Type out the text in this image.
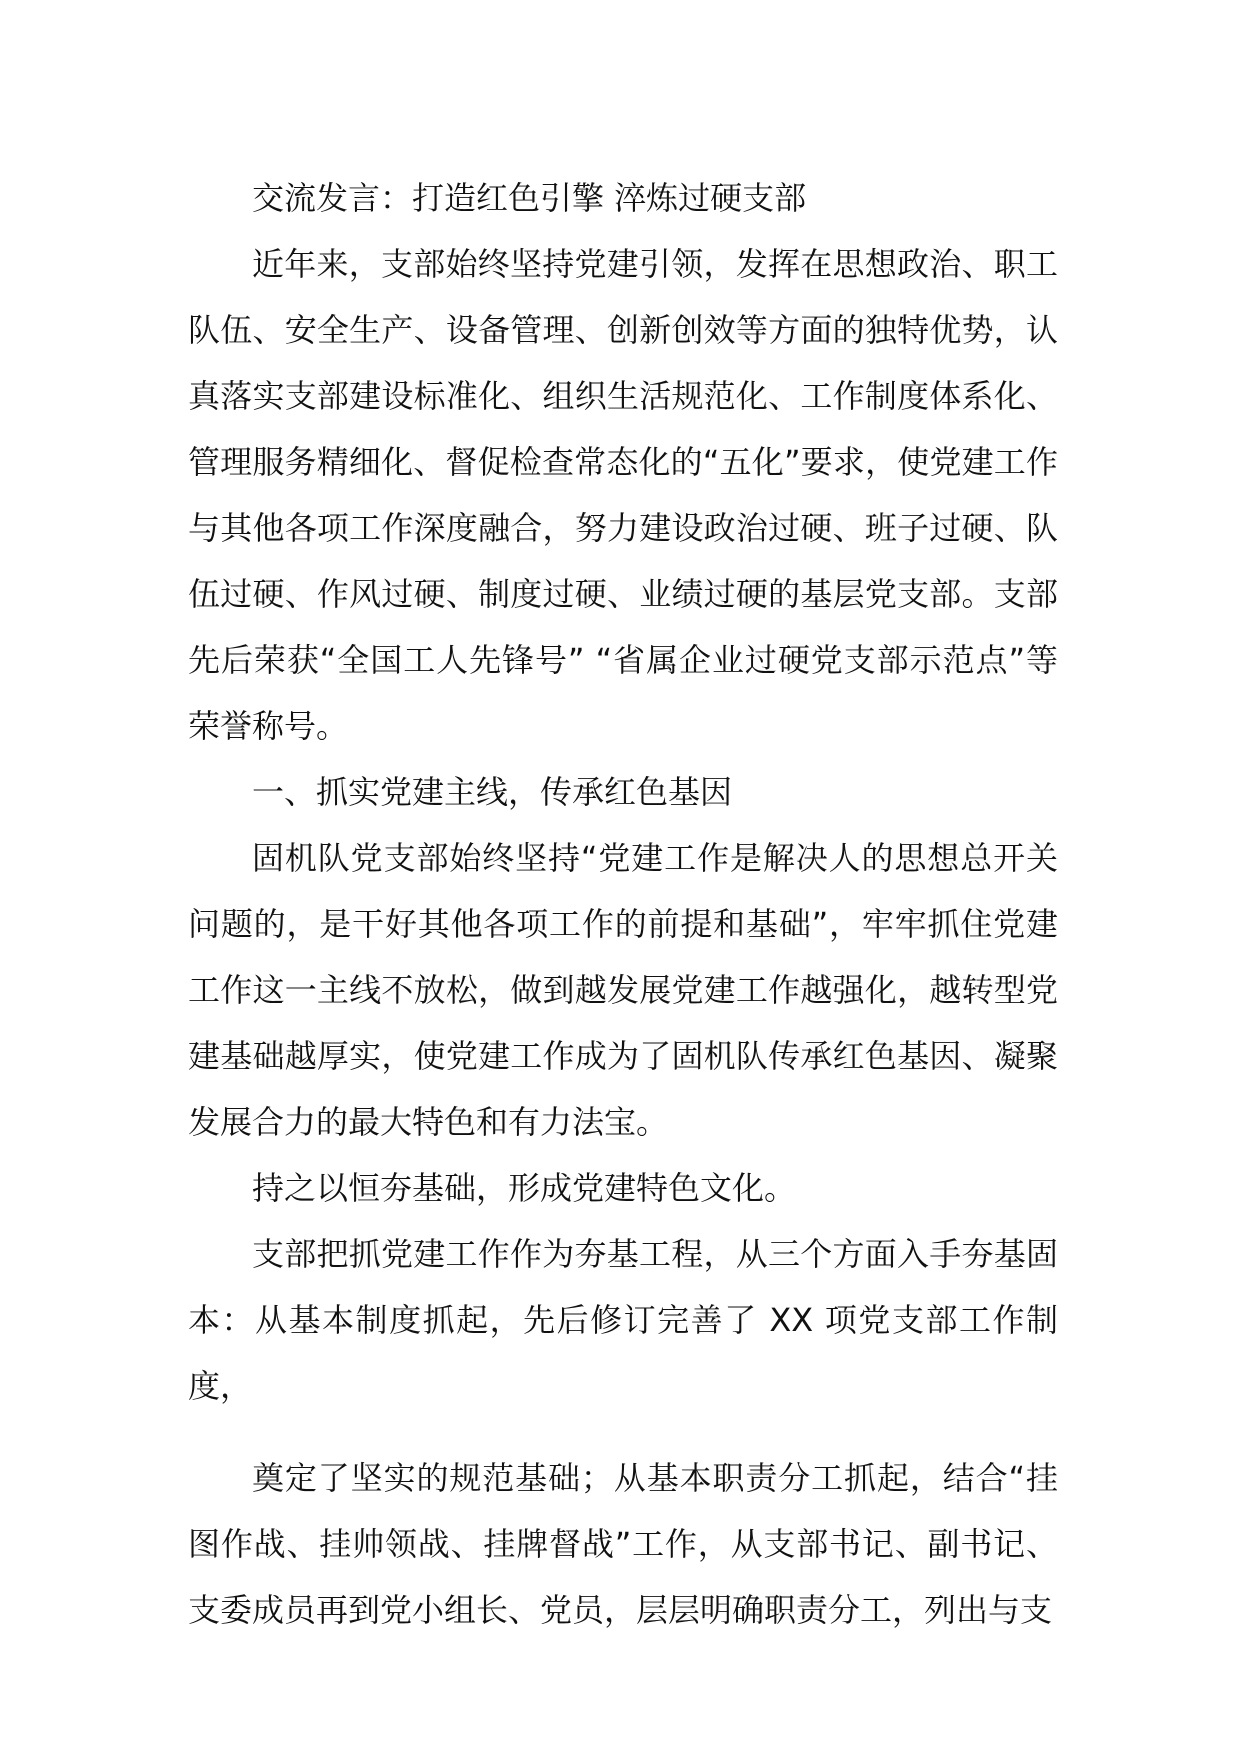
交流发言：打造红色引擎 淬炼过硬支部

近年来，支部始终坚持党建引领，发挥在思想政治、职工队伍、安全生产、设备管理、创新创效等方面的独特优势，认真落实支部建设标准化、组织生活规范化、工作制度体系化、管理服务精细化、督促检查常态化的“五化”要求，使党建工作与其他各项工作深度融合，努力建设政治过硬、班子过硬、队伍过硬、作风过硬、制度过硬、业绩过硬的基层党支部。支部先后荣获“全国工人先锋号” “省属企业过硬党支部示范点”等荣誉称号。

一、抓实党建主线，传承红色基因

固机队党支部始终坚持“党建工作是解决人的思想总开关问题的，是干好其他各项工作的前提和基础”，牢牢抓住党建工作这一主线不放松，做到越发展党建工作越强化，越转型党建基础越厚实，使党建工作成为了固机队传承红色基因、凝聚发展合力的最大特色和有力法宝。

持之以恒夯基础，形成党建特色文化。

支部把抓党建工作作为夯基工程，从三个方面入手夯基固本：从基本制度抓起，先后修订完善了 XX 项党支部工作制度，

奠定了坚实的规范基础；从基本职责分工抓起，结合“挂图作战、挂帅领战、挂牌督战”工作，从支部书记、副书记、支委成员再到党小组长、党员，层层明确职责分工，列出与支
